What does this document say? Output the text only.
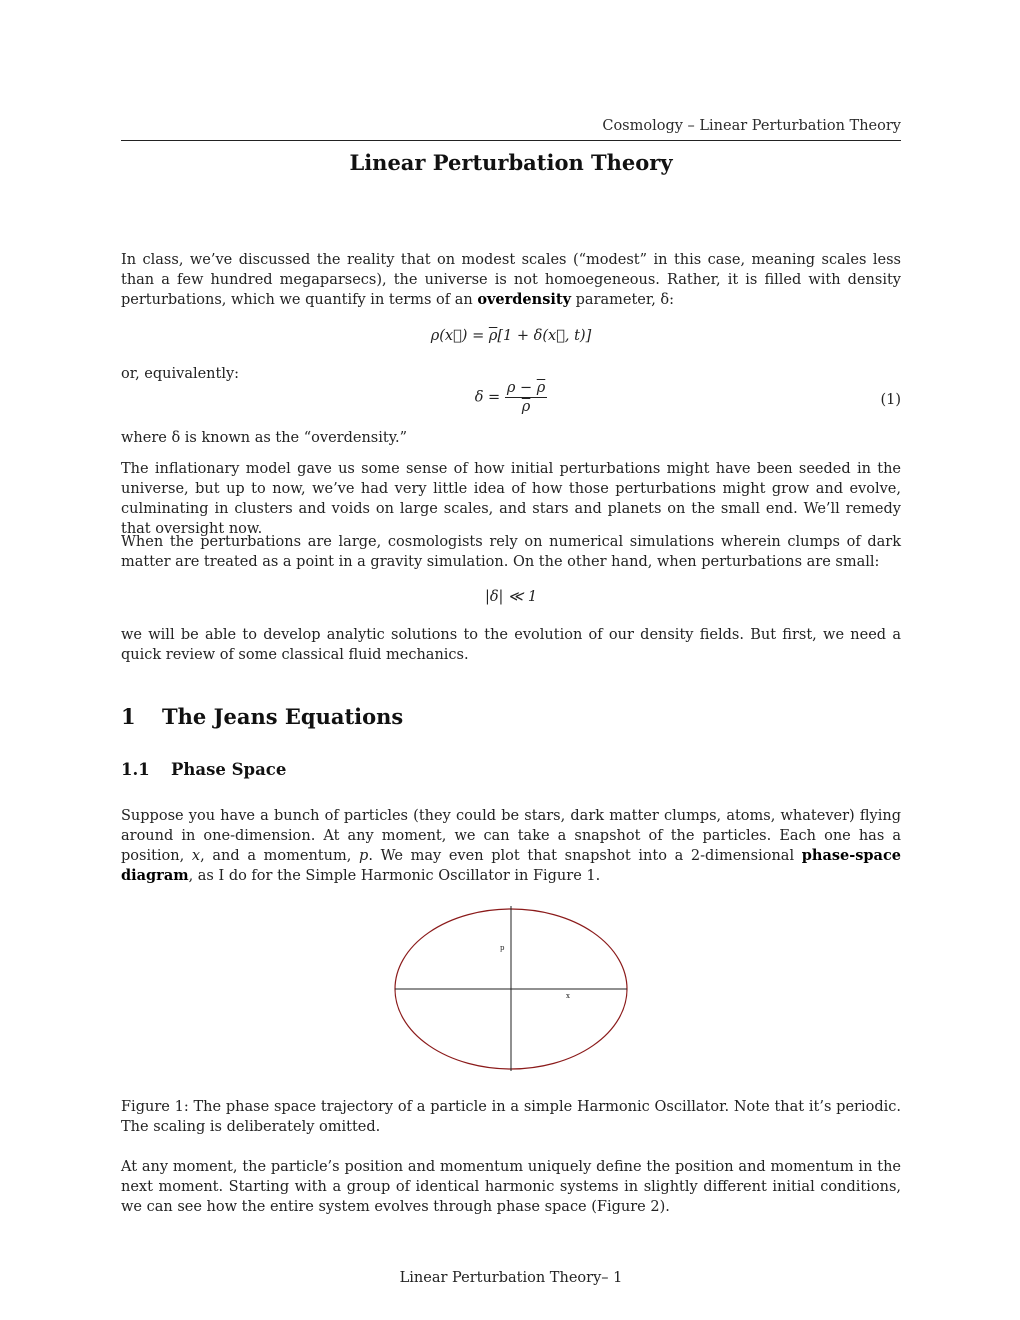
Cosmology – Linear Perturbation Theory
Linear Perturbation Theory
In class, we’ve discussed the reality that on modest scales (“modest” in this case, meaning scales less than a few hundred megaparsecs), the universe is not homoegeneous. Rather, it is filled with density perturbations, which we quantify in terms of an overdensity parameter, δ:
ρ(x⃗) = $\overline{\rho}[1$ + δ(x⃗, t)]
or, equivalently:
$\delta = \frac{\rho - \overline{\rho}}{\rho}$	(1)
where δ is known as the “overdensity.”
The inflationary model gave us some sense of how initial perturbations might have been seeded in the universe, but up to now, we’ve had very little idea of how those perturbations might grow and evolve, culminating in clusters and voids on large scales, and stars and planets on the small end. We’ll remedy that oversight now.
When the perturbations are large, cosmologists rely on numerical simulations wherein clumps of dark matter are treated as a point in a gravity simulation. On the other hand, when perturbations are small:
|δ| ≪ 1
we will be able to develop analytic solutions to the evolution of our density fields. But first, we need a quick review of some classical fluid mechanics.
1 The Jeans Equations
1.1 Phase Space
Suppose you have a bunch of particles (they could be stars, dark matter clumps, atoms, whatever) flying around in one-dimension. At any moment, we can take a snapshot of the particles. Each one has a position, x, and a momentum, p. We may even plot that snapshot into a 2-dimensional phase-space diagram, as I do for the Simple Harmonic Oscillator in Figure 1.
p
x
Figure 1: The phase space trajectory of a particle in a simple Harmonic Oscillator. Note that it’s periodic. The scaling is deliberately omitted.
At any moment, the particle’s position and momentum uniquely define the position and momentum in the next moment. Starting with a group of identical harmonic systems in slightly different initial conditions, we can see how the entire system evolves through phase space (Figure 2).
Linear Perturbation Theory– 1
